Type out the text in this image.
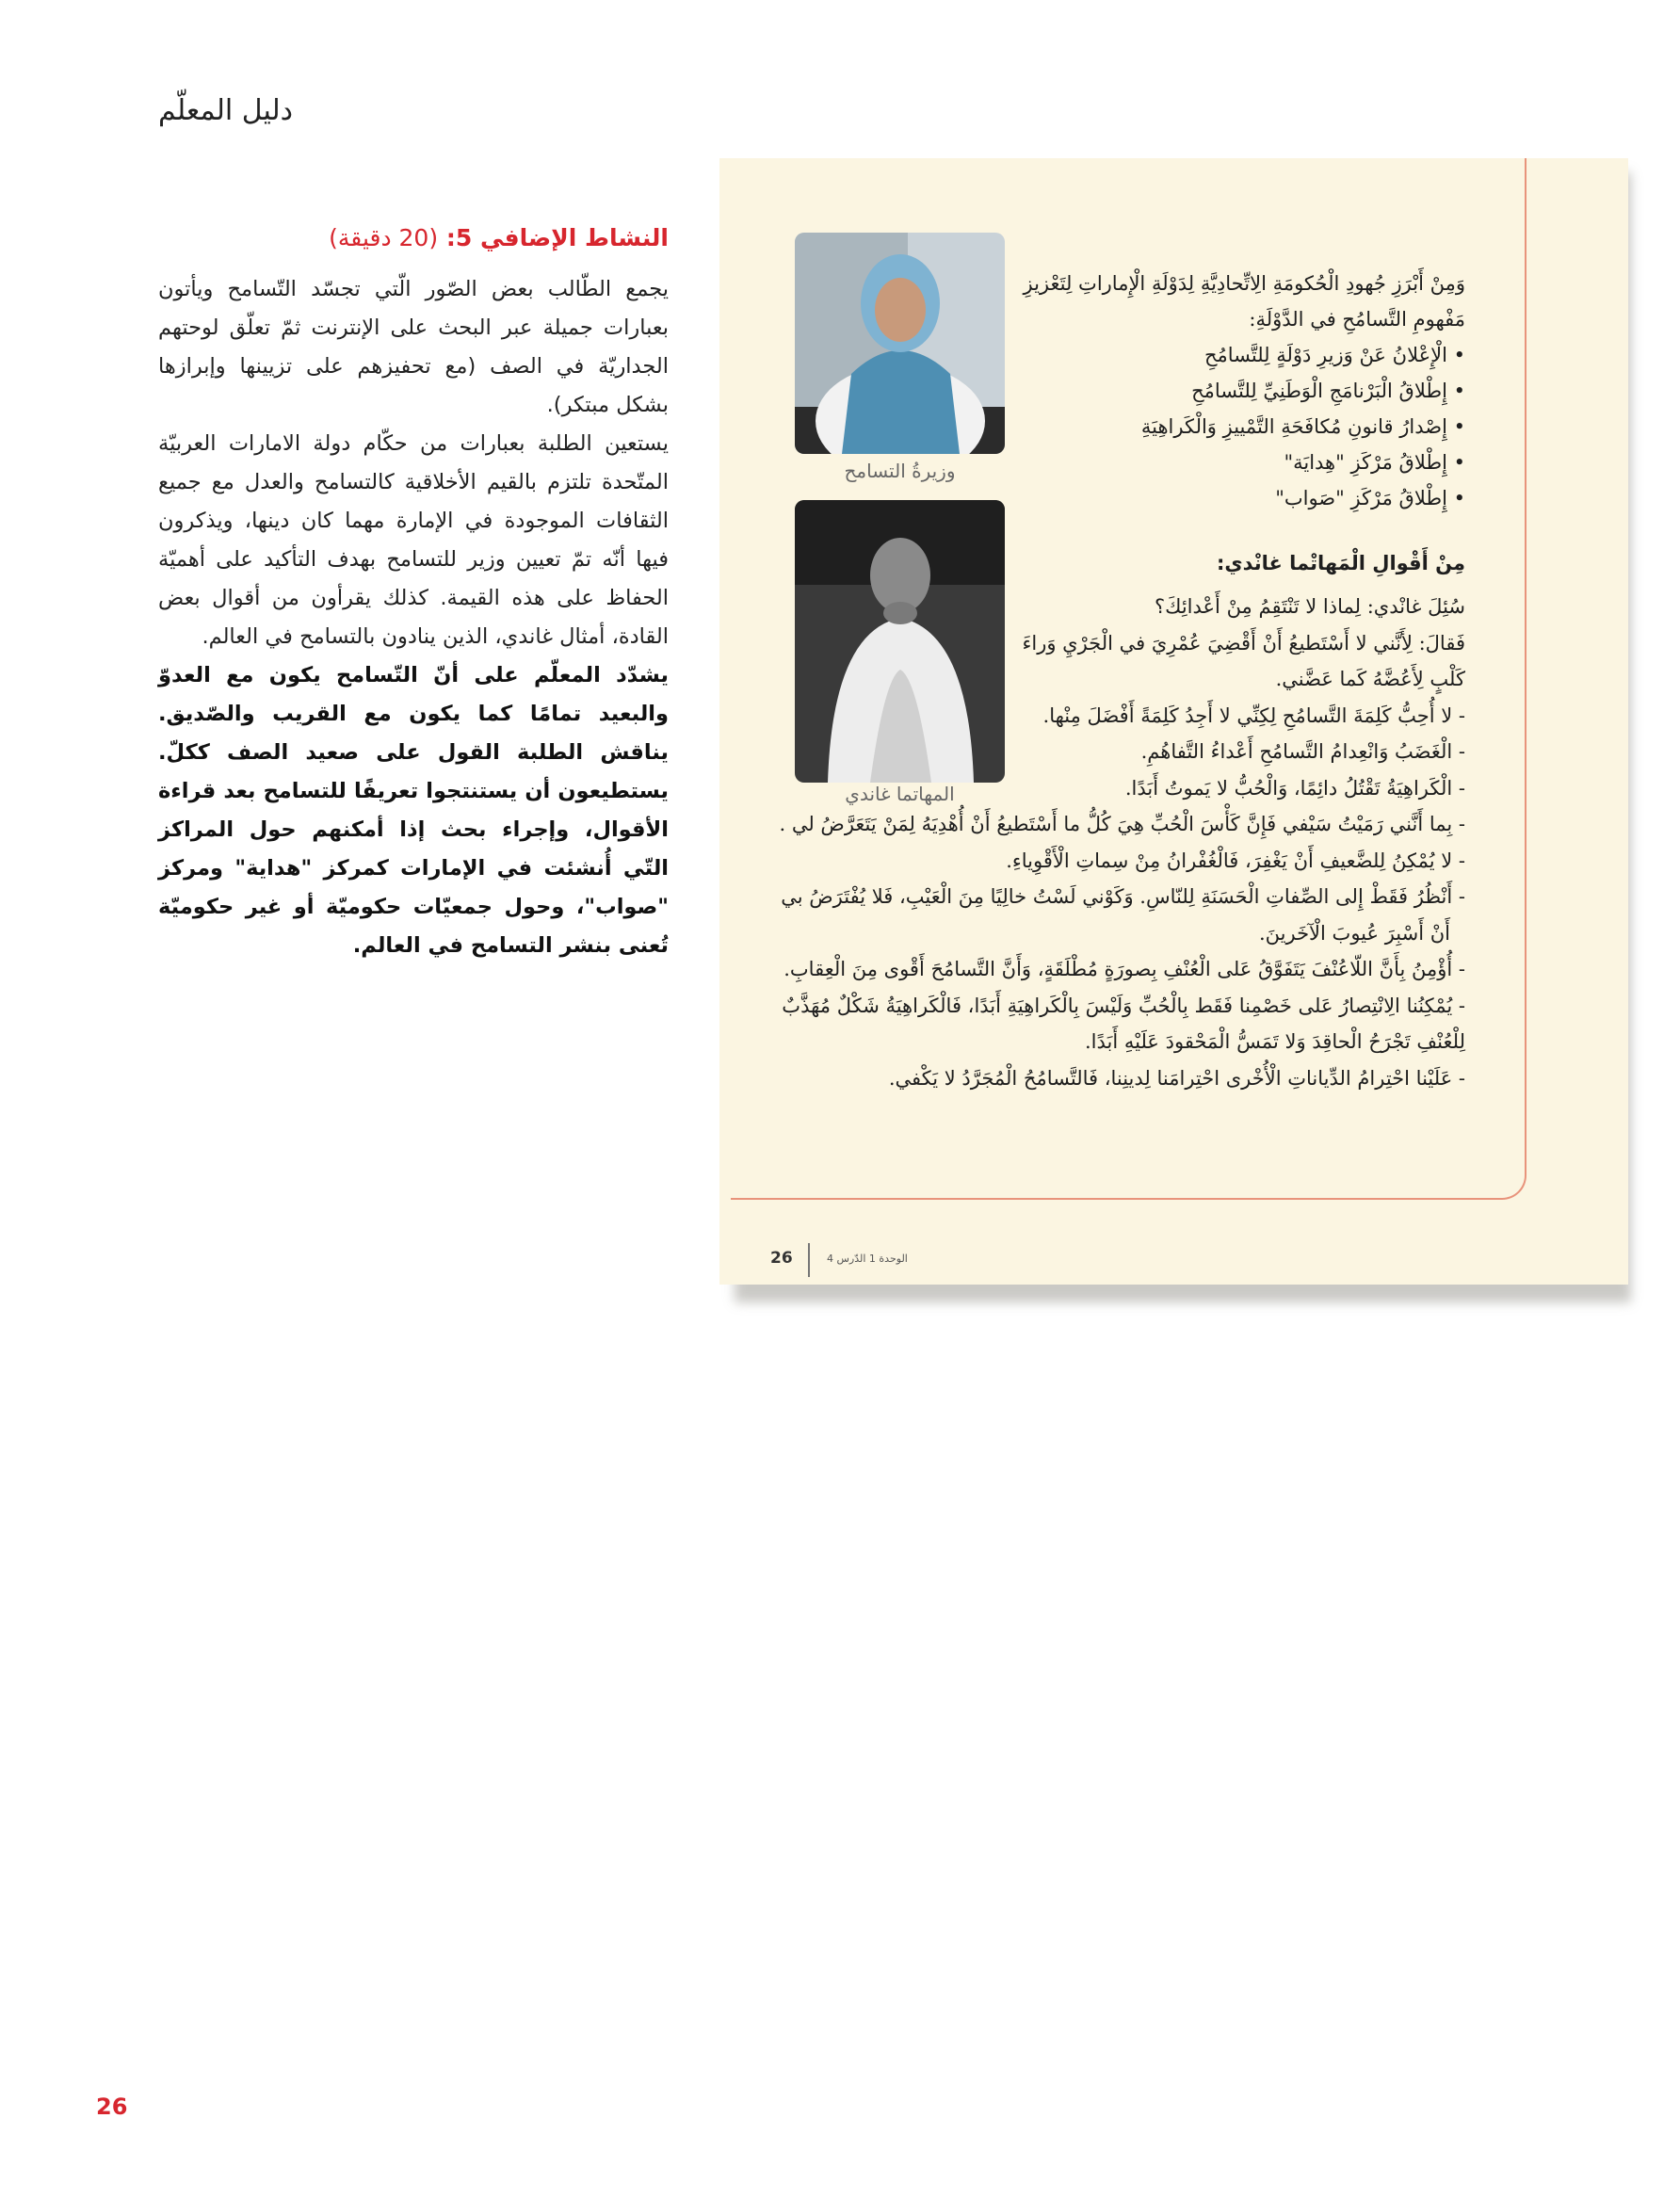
دليل المعلّم
النشاط الإضافي 5: (20 دقيقة)

يجمع الطّالب بعض الصّور الّتي تجسّد التّسامح ويأتون بعبارات جميلة عبر البحث على الإنترنت ثمّ تعلّق لوحتهم الجداريّة في الصف (مع تحفيزهم على تزيينها وإبرازها بشكل مبتكر).

يستعين الطلبة بعبارات من حكّام دولة الامارات العربيّة المتّحدة تلتزم بالقيم الأخلاقية كالتسامح والعدل مع جميع الثقافات الموجودة في الإمارة مهما كان دينها، ويذكرون فيها أنّه تمّ تعيين وزير للتسامح بهدف التأكيد على أهميّة الحفاظ على هذه القيمة. كذلك يقرأون من أقوال بعض القادة، أمثال غاندي، الذين ينادون بالتسامح في العالم.

يشدّد المعلّم على أنّ التّسامح يكون مع العدوّ والبعيد تمامًا كما يكون مع القريب والصّديق. يناقش الطلبة القول على صعيد الصف ككلّ. يستطيعون أن يستنتجوا تعريفًا للتسامح بعد قراءة الأقوال، وإجراء بحث إذا أمكنهم حول المراكز التّي أُنشئت في الإمارات كمركز "هداية" ومركز "صواب"، وحول جمعيّات حكوميّة أو غير حكوميّة تُعنى بنشر التسامح في العالم.

وزيرةُ التسامح
المهاتما غاندي
وَمِنْ أَبْرَزِ جُهودِ الْحُكومَةِ الِاتِّحادِيَّةِ لِدَوْلَةِ الْإِماراتِ لِتَعْزيزِ مَفْهومِ التَّسامُحِ في الدَّوْلَةِ:
• الْإِعْلانُ عَنْ وَزيرِ دَوْلَةٍ لِلتَّسامُحِ
• إِطْلاقُ الْبَرْنامَجِ الْوَطَنِيِّ لِلتَّسامُحِ
• إِصْدارُ قانونِ مُكافَحَةِ التَّمْييزِ وَالْكَراهِيَةِ
• إِطْلاقُ مَرْكَزِ "هِدايَة"
• إِطْلاقُ مَرْكَزِ "صَواب"
مِنْ أَقْوالِ الْمَهاتْما غانْدي:

سُئِلَ غانْدي: لِماذا لا تَنْتَقِمُ مِنْ أَعْدائِكَ؟

فَقالَ: لِأَنَّني لا أَسْتَطيعُ أَنْ أَقْضِيَ عُمْرِيَ في الْجَرْيِ وَراءَ

كَلْبٍ لِأَعُضَّهُ كَما عَضَّني.

- لا أُحِبُّ كَلِمَةَ التَّسامُحِ لِكِنِّي لا أَجِدُ كَلِمَةً أَفْضَلَ مِنْها.

- الْغَضَبُ وَانْعِدامُ التَّسامُحِ أَعْداءُ التَّفاهُمِ.

- الْكَراهِيَةُ تَقْتُلُ دائِمًا، وَالْحُبُّ لا يَموتُ أَبَدًا.

- بِما أَنَّني رَمَيْتُ سَيْفي فَإِنَّ كَأْسَ الْحُبِّ هِيَ كُلُّ ما أَسْتَطيعُ أَنْ أُهْدِيَهُ لِمَنْ يَتَعَرَّضُ لي .

- لا يُمْكِنُ لِلضَّعيفِ أَنْ يَغْفِرَ، فَالْغُفْرانُ مِنْ سِماتِ الْأَقْوِياءِ.

- أَنْظُرُ فَقَطْ إِلى الصِّفاتِ الْحَسَنَةِ لِلنّاسِ. وَكَوْني لَسْتُ خالِيًا مِنَ الْعَيْبِ، فَلا يُفْتَرَضُ بي

أَنْ أَسْبِرَ عُيوبَ الْآخَرينَ.

- أُؤْمِنُ بِأَنَّ اللّاعُنْفَ يَتَفَوَّقُ عَلى الْعُنْفِ بِصورَةٍ مُطْلَقَةٍ، وَأَنَّ التَّسامُحَ أَقْوى مِنَ الْعِقابِ.

- يُمْكِنُنا الِانْتِصارُ عَلى خَصْمِنا فَقَط بِالْحُبِّ وَلَيْسَ بِالْكَراهِيَةِ أَبَدًا، فَالْكَراهِيَةُ شَكْلٌ مُهَذَّبٌ

لِلْعُنْفِ تَجْرَحُ الْحاقِدَ وَلا تَمَسُّ الْمَحْقودَ عَلَيْهِ أَبَدًا.

- عَلَيْنا احْتِرامُ الدِّياناتِ الْأُخْرى احْتِرامَنا لِدينِنا، فَالتَّسامُحُ الْمُجَرَّدُ لا يَكْفي.

26	الوحدة 1 الدّرس 4
26
